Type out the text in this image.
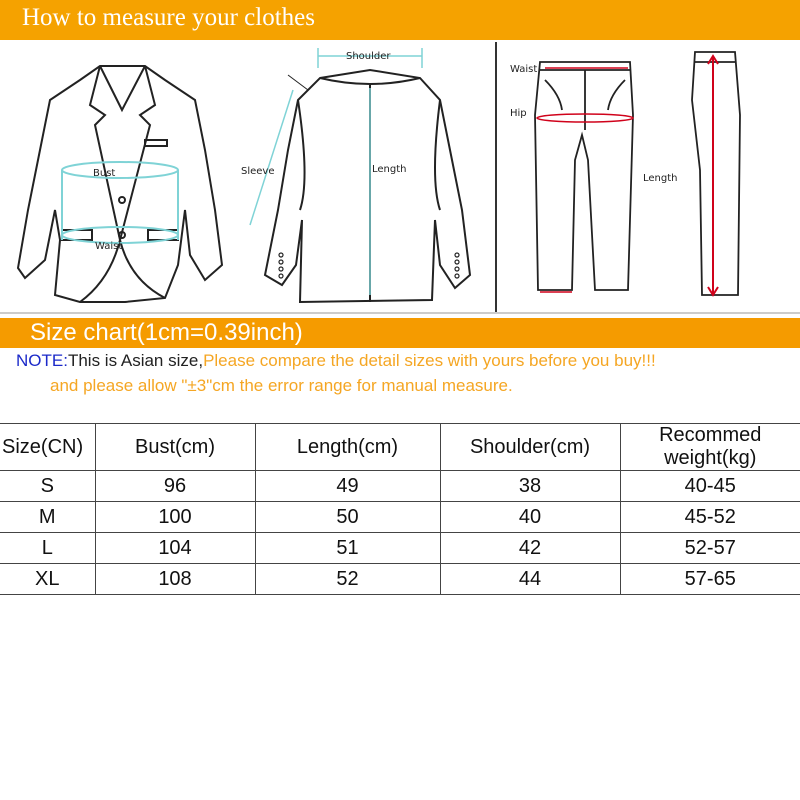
How to measure your clothes
Bust
Waist
Shoulder
Sleeve	Length
Waist
Hip
Length
Size chart(1cm=0.39inch)
NOTE:This is Asian size,Please compare the detail sizes with yours before you buy!!!
and please allow "±3"cm the error range for manual measure.
Size(CN)	Bust(cm)	Length(cm)	Shoulder(cm)	Recommed weight(kg)
S	96	49	38	40-45
M	100	50	40	45-52
L	104	51	42	52-57
XL	108	52	44	57-65
